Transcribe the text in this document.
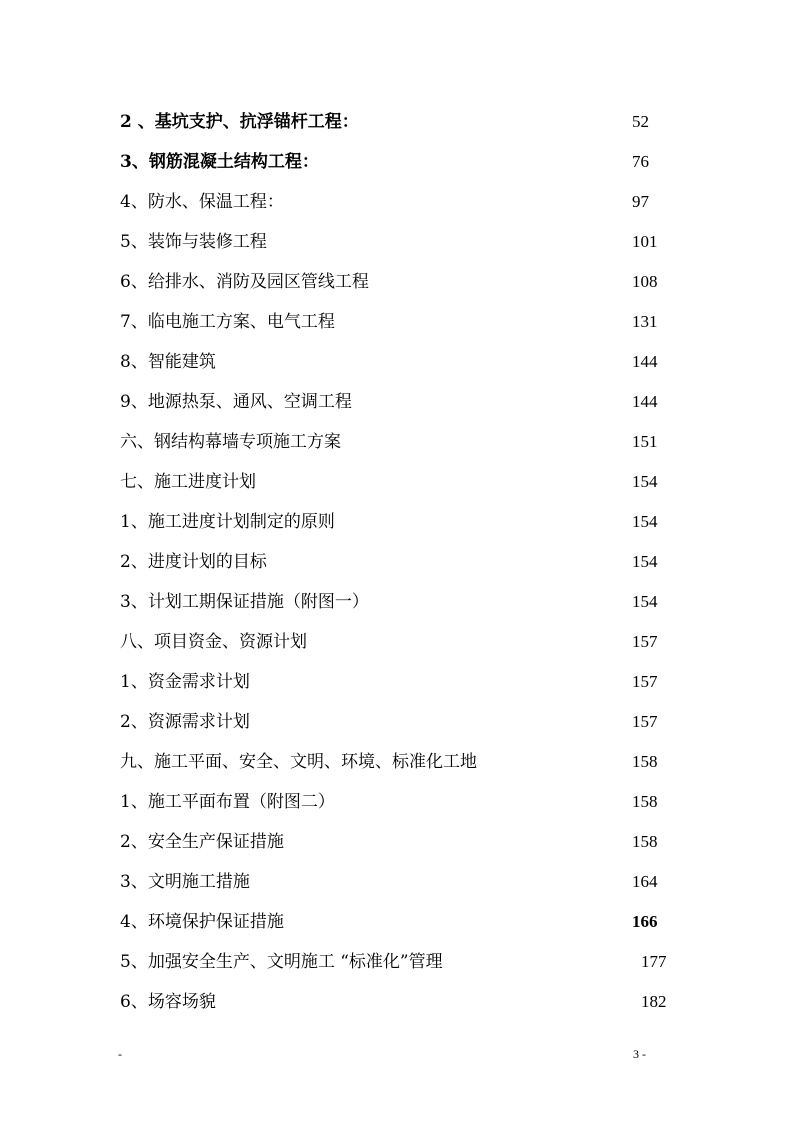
2 、基坑支护、抗浮锚杆工程：	52
3、钢筋混凝土结构工程：	76
4、防水、保温工程：	97
5、装饰与装修工程	101
6、给排水、消防及园区管线工程	108
7、临电施工方案、电气工程	131
8、智能建筑	144
9、地源热泵、通风、空调工程	144
六、钢结构幕墙专项施工方案	151
七、施工进度计划	154
1、施工进度计划制定的原则	154
2、进度计划的目标	154
3、计划工期保证措施（附图一）	154
八、项目资金、资源计划	157
1、资金需求计划	157
2、资源需求计划	157
九、施工平面、安全、文明、环境、标准化工地	158
1、施工平面布置（附图二）	158
2、安全生产保证措施	158
3、文明施工措施	164
4、环境保护保证措施	166
5、加强安全生产、文明施工 “标准化”管理	177
6、场容场貌	182
-	3 -
